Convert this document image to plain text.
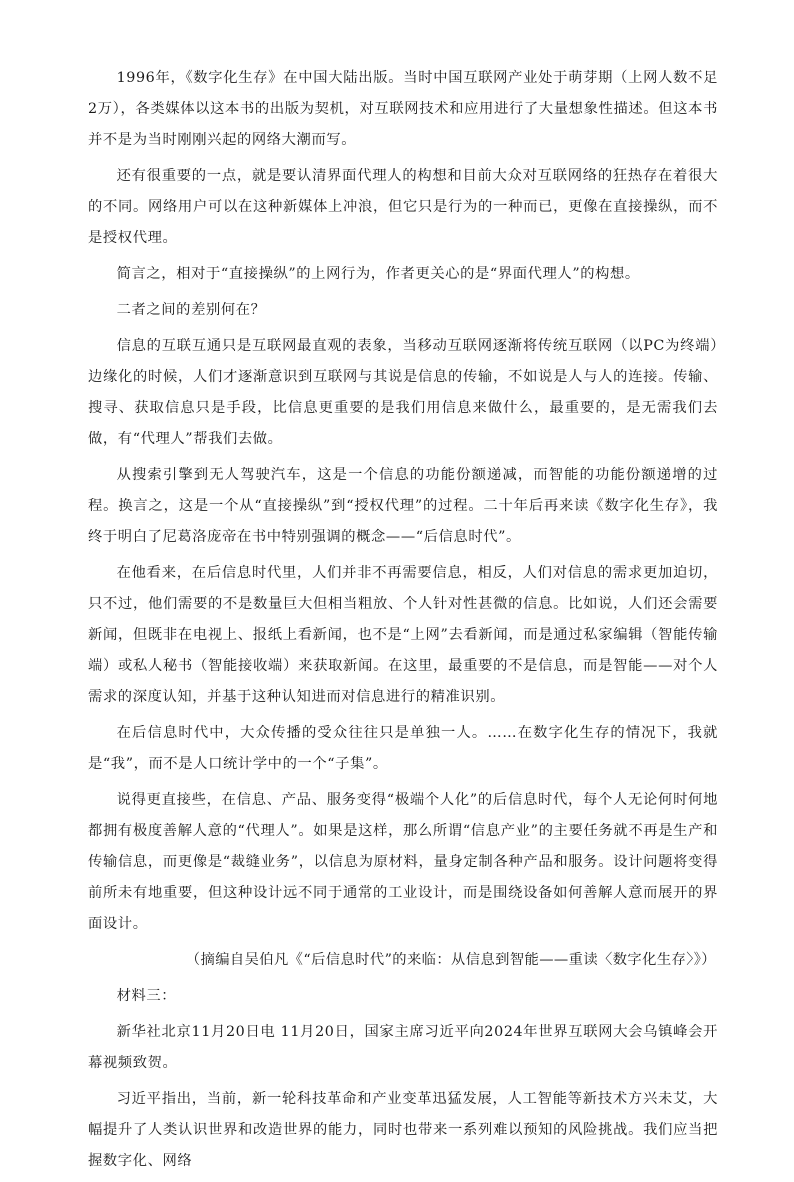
1996年，《数字化生存》在中国大陆出版。当时中国互联网产业处于萌芽期（上网人数不足2万），各类媒体以这本书的出版为契机，对互联网技术和应用进行了大量想象性描述。但这本书并不是为当时刚刚兴起的网络大潮而写。

还有很重要的一点，就是要认清界面代理人的构想和目前大众对互联网络的狂热存在着很大的不同。网络用户可以在这种新媒体上冲浪，但它只是行为的一种而已，更像在直接操纵，而不是授权代理。

简言之，相对于“直接操纵”的上网行为，作者更关心的是“界面代理人”的构想。

二者之间的差别何在？

信息的互联互通只是互联网最直观的表象，当移动互联网逐渐将传统互联网（以PC为终端）边缘化的时候，人们才逐渐意识到互联网与其说是信息的传输，不如说是人与人的连接。传输、搜寻、获取信息只是手段，比信息更重要的是我们用信息来做什么，最重要的，是无需我们去做，有“代理人”帮我们去做。

从搜索引擎到无人驾驶汽车，这是一个信息的功能份额递减，而智能的功能份额递增的过程。换言之，这是一个从“直接操纵”到“授权代理”的过程。二十年后再来读《数字化生存》，我终于明白了尼葛洛庞帝在书中特别强调的概念——“后信息时代”。

在他看来，在后信息时代里，人们并非不再需要信息，相反，人们对信息的需求更加迫切，只不过，他们需要的不是数量巨大但相当粗放、个人针对性甚微的信息。比如说，人们还会需要新闻，但既非在电视上、报纸上看新闻，也不是“上网”去看新闻，而是通过私家编辑（智能传输端）或私人秘书（智能接收端）来获取新闻。在这里，最重要的不是信息，而是智能——对个人需求的深度认知，并基于这种认知进而对信息进行的精准识别。

在后信息时代中，大众传播的受众往往只是单独一人。……在数字化生存的情况下，我就是“我”，而不是人口统计学中的一个“子集”。

说得更直接些，在信息、产品、服务变得“极端个人化”的后信息时代，每个人无论何时何地都拥有极度善解人意的“代理人”。如果是这样，那么所谓“信息产业”的主要任务就不再是生产和传输信息，而更像是“裁缝业务”，以信息为原材料，量身定制各种产品和服务。设计问题将变得前所未有地重要，但这种设计远不同于通常的工业设计，而是围绕设备如何善解人意而展开的界面设计。

（摘编自吴伯凡《“后信息时代”的来临：从信息到智能——重读〈数字化生存〉》）

材料三：

新华社北京11月20日电 11月20日，国家主席习近平向2024年世界互联网大会乌镇峰会开幕视频致贺。

习近平指出，当前，新一轮科技革命和产业变革迅猛发展，人工智能等新技术方兴未艾，大幅提升了人类认识世界和改造世界的能力，同时也带来一系列难以预知的风险挑战。我们应当把握数字化、网络
